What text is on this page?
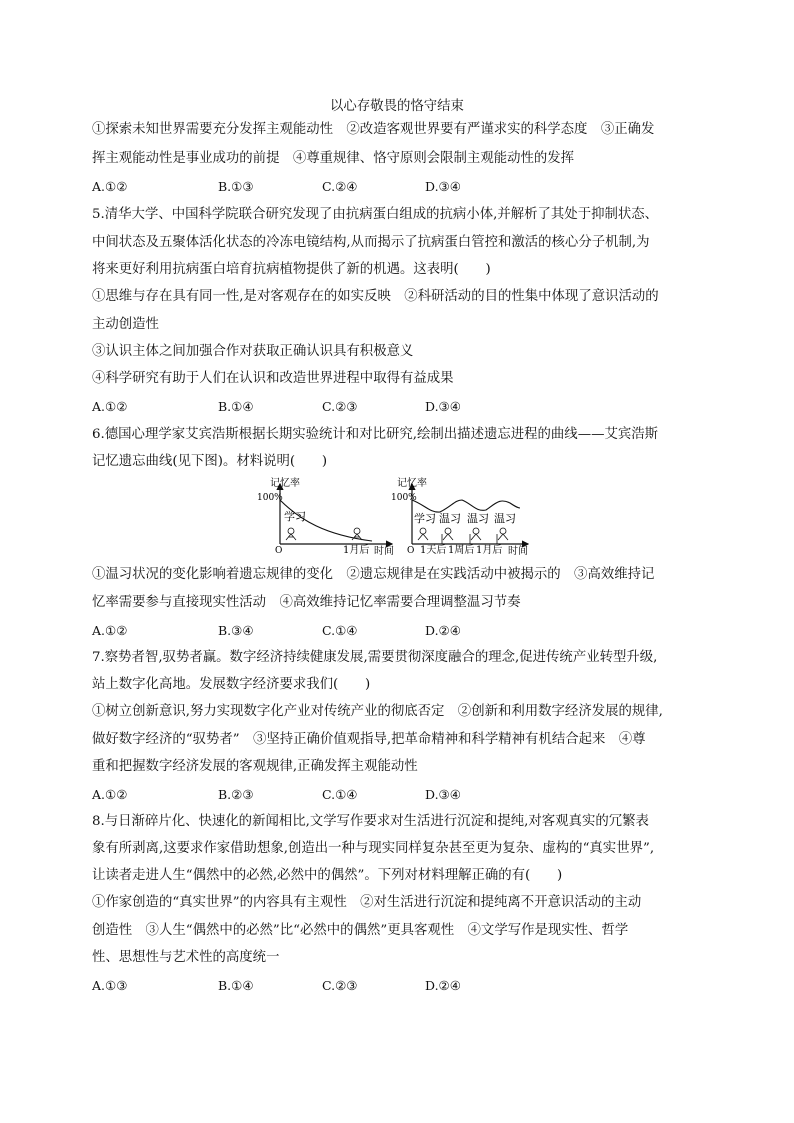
以心存敬畏的恪守结束
①探索未知世界需要充分发挥主观能动性　②改造客观世界要有严谨求实的科学态度　③正确发
挥主观能动性是事业成功的前提　④尊重规律、恪守原则会限制主观能动性的发挥
A.①②	B.①③	C.②④	D.③④
5.清华大学、中国科学院联合研究发现了由抗病蛋白组成的抗病小体,并解析了其处于抑制状态、
中间状态及五聚体活化状态的冷冻电镜结构,从而揭示了抗病蛋白管控和激活的核心分子机制,为
将来更好利用抗病蛋白培育抗病植物提供了新的机遇。这表明(　　)
①思维与存在具有同一性,是对客观存在的如实反映　②科研活动的目的性集中体现了意识活动的
主动创造性
③认识主体之间加强合作对获取正确认识具有积极意义
④科学研究有助于人们在认识和改造世界进程中取得有益成果
A.①②	B.①④	C.②③	D.③④
6.德国心理学家艾宾浩斯根据长期实验统计和对比研究,绘制出描述遗忘进程的曲线——艾宾浩斯
记忆遗忘曲线(见下图)。材料说明(　　)
记忆率
100%
O
学习
1月后 时间
记忆率
100%
O
学习 温习 温习 温习
1天后 1周后 1月后 时间
①温习状况的变化影响着遗忘规律的变化　②遗忘规律是在实践活动中被揭示的　③高效维持记
忆率需要参与直接现实性活动　④高效维持记忆率需要合理调整温习节奏
A.①②	B.③④	C.①④	D.②④
7.察势者智,驭势者赢。数字经济持续健康发展,需要贯彻深度融合的理念,促进传统产业转型升级,
站上数字化高地。发展数字经济要求我们(　　)
①树立创新意识,努力实现数字化产业对传统产业的彻底否定　②创新和利用数字经济发展的规律,
做好数字经济的“驭势者”　③坚持正确价值观指导,把革命精神和科学精神有机结合起来　④尊
重和把握数字经济发展的客观规律,正确发挥主观能动性
A.①②	B.②③	C.①④	D.③④
8.与日渐碎片化、快速化的新闻相比,文学写作要求对生活进行沉淀和提纯,对客观真实的冗繁表
象有所剥离,这要求作家借助想象,创造出一种与现实同样复杂甚至更为复杂、虚构的“真实世界”,
让读者走进人生“偶然中的必然,必然中的偶然”。下列对材料理解正确的有(　　)
①作家创造的“真实世界”的内容具有主观性　②对生活进行沉淀和提纯离不开意识活动的主动
创造性　③人生“偶然中的必然”比“必然中的偶然”更具客观性　④文学写作是现实性、哲学
性、思想性与艺术性的高度统一
A.①③	B.①④	C.②③	D.②④
